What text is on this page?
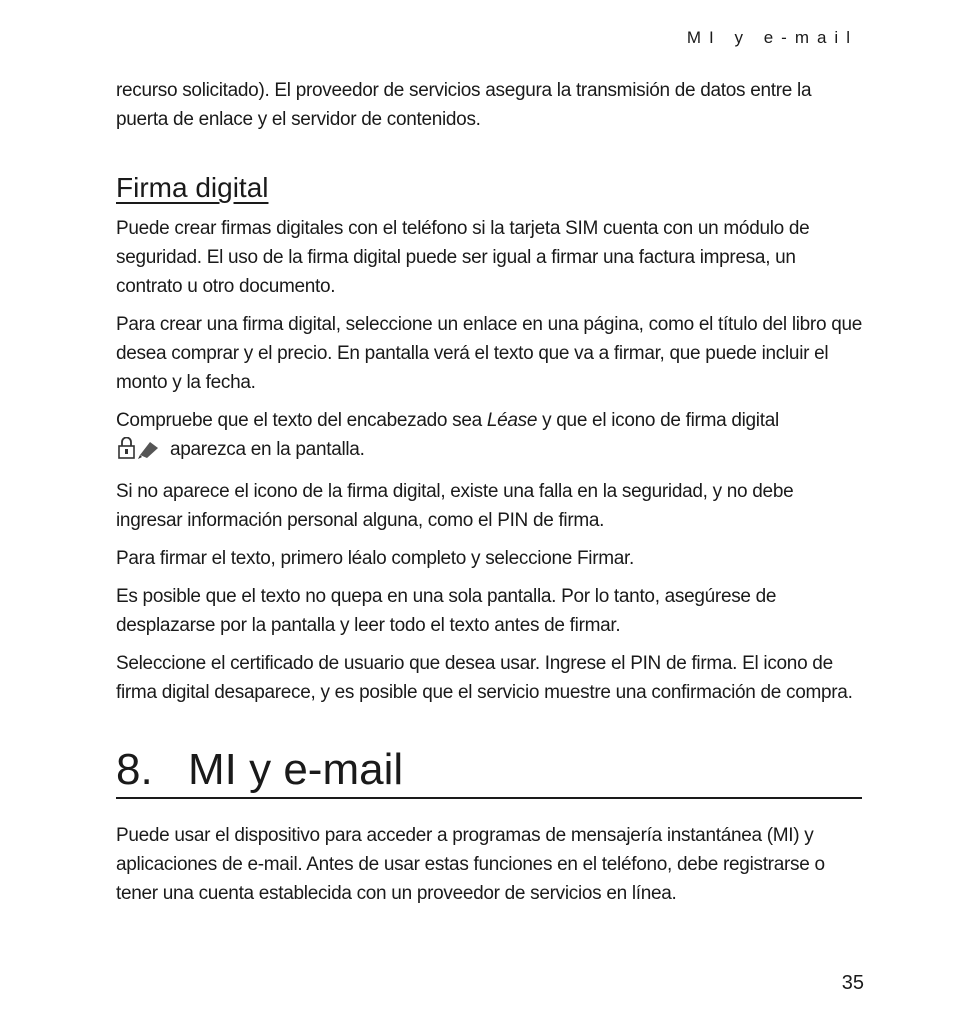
MI y e-mail

recurso solicitado). El proveedor de servicios asegura la transmisión de datos entre la puerta de enlace y el servidor de contenidos.

Firma digital

Puede crear firmas digitales con el teléfono si la tarjeta SIM cuenta con un módulo de seguridad. El uso de la firma digital puede ser igual a firmar una factura impresa, un contrato u otro documento.

Para crear una firma digital, seleccione un enlace en una página, como el título del libro que desea comprar y el precio. En pantalla verá el texto que va a firmar, que puede incluir el monto y la fecha.

Compruebe que el texto del encabezado sea Léase y que el icono de firma digital
aparezca en la pantalla.

Si no aparece el icono de la firma digital, existe una falla en la seguridad, y no debe ingresar información personal alguna, como el PIN de firma.

Para firmar el texto, primero léalo completo y seleccione Firmar.

Es posible que el texto no quepa en una sola pantalla. Por lo tanto, asegúrese de desplazarse por la pantalla y leer todo el texto antes de firmar.

Seleccione el certificado de usuario que desea usar. Ingrese el PIN de firma. El icono de firma digital desaparece, y es posible que el servicio muestre una confirmación de compra.

8. MI y e-mail

Puede usar el dispositivo para acceder a programas de mensajería instantánea (MI) y aplicaciones de e-mail. Antes de usar estas funciones en el teléfono, debe registrarse o tener una cuenta establecida con un proveedor de servicios en línea.

35
